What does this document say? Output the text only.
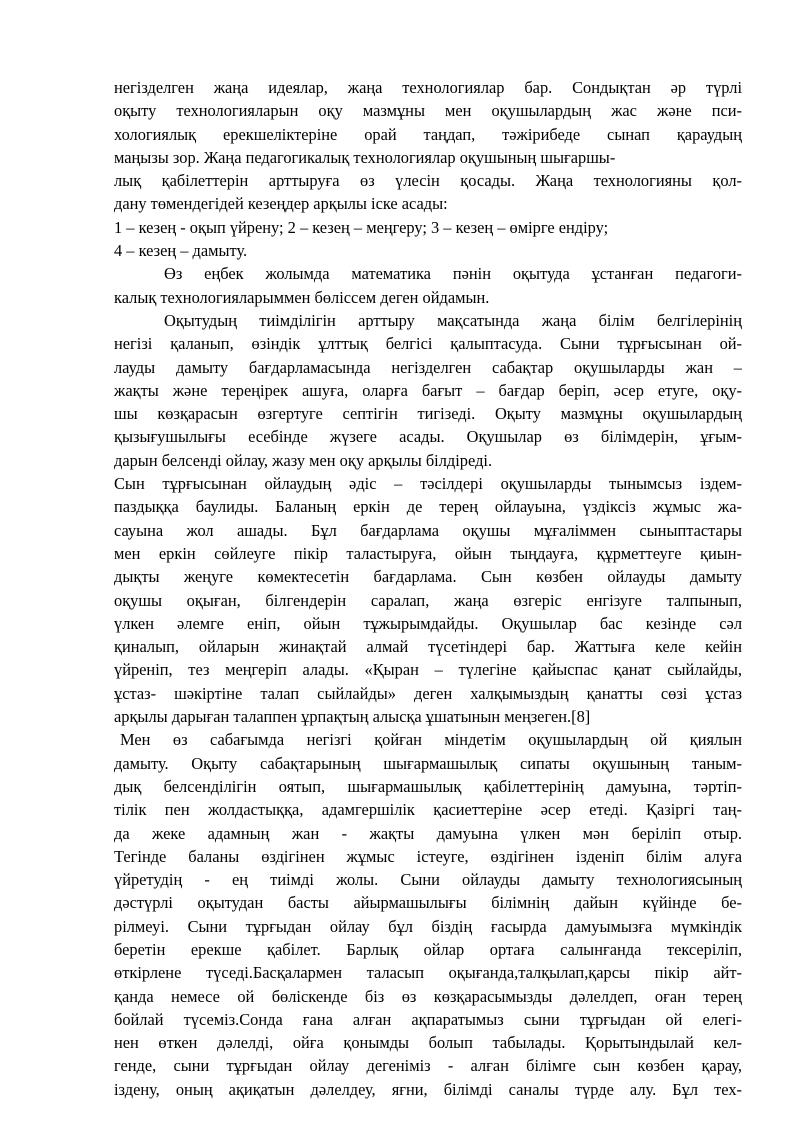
негізделген жаңа идеялар, жаңа технологиялар бар. Сондықтан әр түрлі
оқыту технологияларын оқу мазмұны мен оқушылардың жас және пси-
хологиялық ерекшеліктеріне орай таңдап, тәжірибеде сынап қараудың
маңызы зор. Жаңа педагогикалық технологиялар оқушының шығаршы-
лық қабілеттерін арттыруға өз үлесін қосады. Жаңа технологияны қол-
дану төмендегідей кезеңдер арқылы іске асады:
1 – кезең - оқып үйрену; 2 – кезең – меңгеру; 3 – кезең – өмірге ендіру;
4 – кезең – дамыту.
Өз еңбек жолымда математика пәнін оқытуда ұстанған педагоги-
калық технологияларыммен бөліссем деген ойдамын.
Оқытудың тиімділігін арттыру мақсатында жаңа білім белгілерінің
негізі қаланып, өзіндік ұлттық белгісі қалыптасуда. Сыни тұрғысынан ой-
лауды дамыту бағдарламасында негізделген сабақтар оқушыларды жан –
жақты және тереңірек ашуға, оларға бағыт – бағдар беріп, әсер етуге, оқу-
шы көзқарасын өзгертуге септігін тигізеді. Оқыту мазмұны оқушылардың
қызығушылығы есебінде жүзеге асады. Оқушылар өз білімдерін, ұғым-
дарын белсенді ойлау, жазу мен оқу арқылы білдіреді.
Сын тұрғысынан ойлаудың әдіс – тәсілдері оқушыларды тынымсыз іздем-
паздыққа баулиды. Баланың еркін де терең ойлауына, үздіксіз жұмыс жа-
сауына жол ашады. Бұл бағдарлама оқушы мұғаліммен сыныптастары
мен еркін сөйлеуге пікір таластыруға, ойын тыңдауға, құрметтеуге қиын-
дықты жеңуге көмектесетін бағдарлама. Сын көзбен ойлауды дамыту
оқушы оқыған, білгендерін саралап, жаңа өзгеріс енгізуге талпынып,
үлкен әлемге еніп, ойын тұжырымдайды. Оқушылар бас кезінде сәл
қиналып, ойларын жинақтай алмай түсетіндері бар. Жаттыға келе кейін
үйреніп, тез меңгеріп алады. «Қыран – түлегіне қайыспас қанат сыйлайды,
ұстаз- шәкіртіне талап сыйлайды» деген халқымыздың қанатты сөзі ұстаз
арқылы дарыған талаппен ұрпақтың алысқа ұшатынын меңзеген.[8]
Мен өз сабағымда негізгі қойған міндетім оқушылардың ой қиялын
дамыту. Оқыту сабақтарының шығармашылық сипаты оқушының таным-
дық белсенділігін оятып, шығармашылық қабілеттерінің дамуына, тәртіп-
тілік пен жолдастыққа, адамгершілік қасиеттеріне әсер етеді. Қазіргі таң-
да жеке адамның жан - жақты дамуына үлкен мән беріліп отыр.
Тегінде баланы өздігінен жұмыс істеуге, өздігінен ізденіп білім алуға
үйретудің - ең тиімді жолы. Сыни ойлауды дамыту технологиясының
дәстүрлі оқытудан басты айырмашылығы білімнің дайын күйінде бе-
рілмеуі. Сыни тұрғыдан ойлау бұл біздің ғасырда дамуымызға мүмкіндік
беретін ерекше қабілет. Барлық ойлар ортаға салынғанда тексеріліп,
өткірлене түседі.Басқалармен таласып оқығанда,талқылап,қарсы пікір айт-
қанда немесе ой бөліскенде біз өз көзқарасымызды дәлелдеп, оған терең
бойлай түсеміз.Сонда ғана алған ақпаратымыз сыни тұрғыдан ой елегі-
нен өткен дәлелді, ойға қонымды болып табылады. Қорытындылай кел-
генде, сыни тұрғыдан ойлау дегеніміз - алған білімге сын көзбен қарау,
іздену, оның ақиқатын дәлелдеу, яғни, білімді саналы түрде алу. Бұл тех-
